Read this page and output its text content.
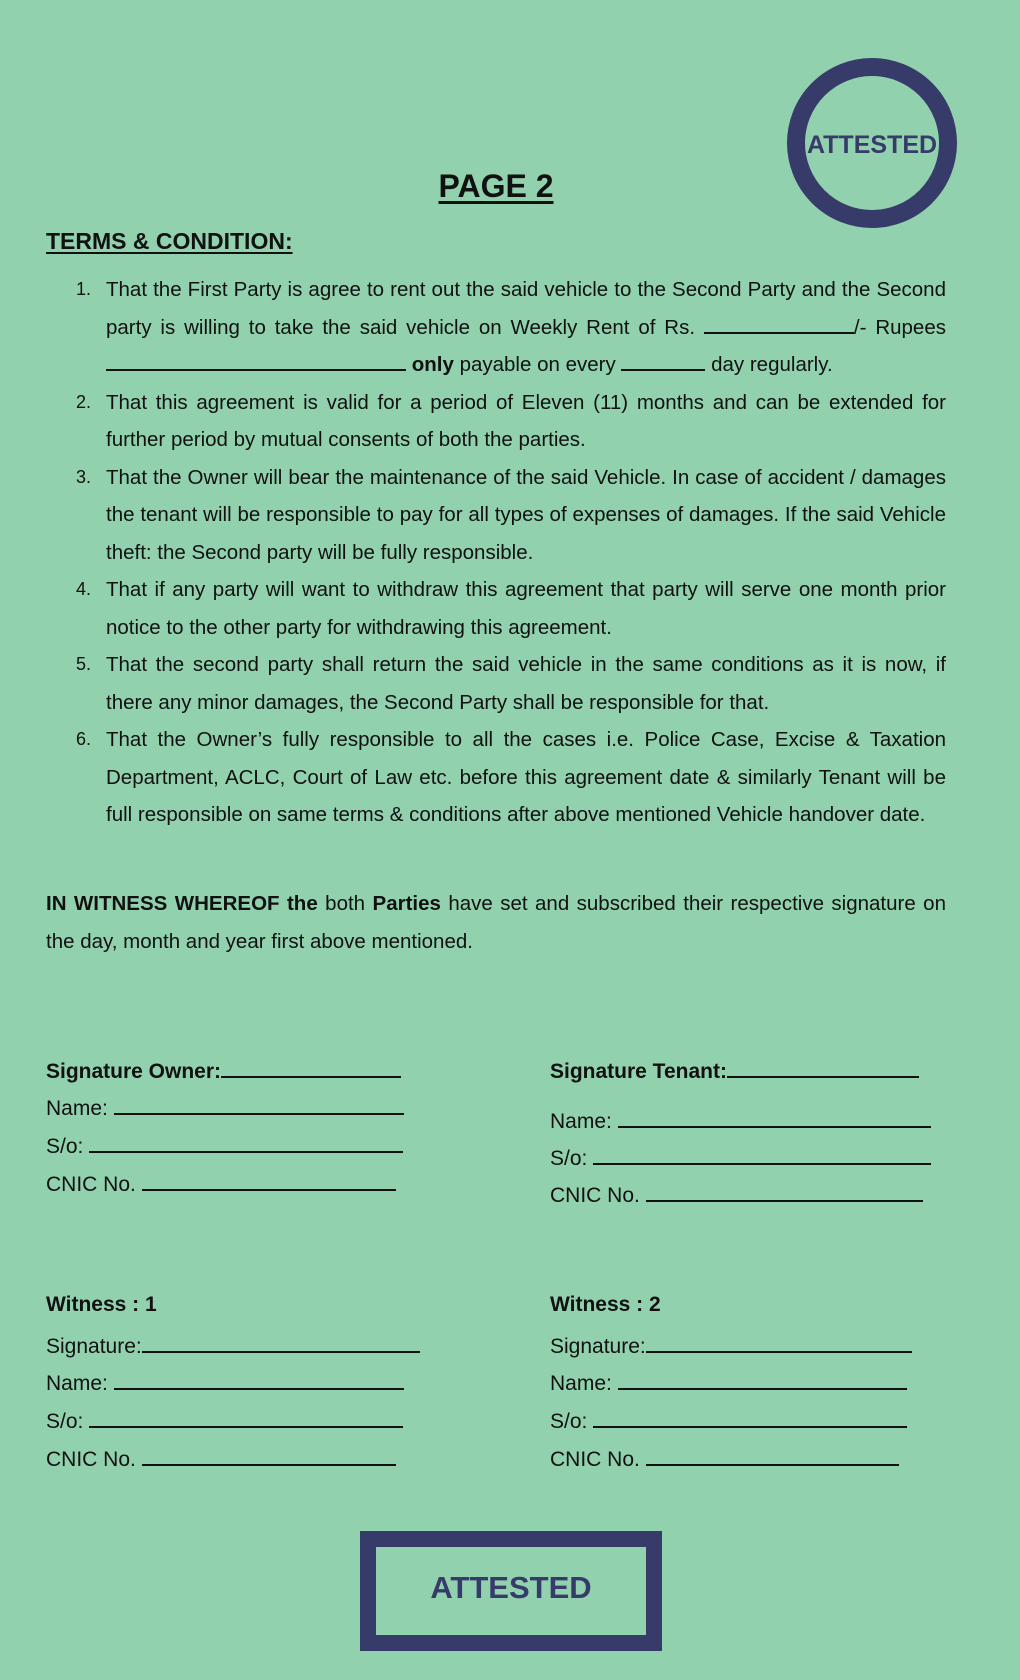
ATTESTED
PAGE 2
TERMS & CONDITION:
1. That the First Party is agree to rent out the said vehicle to the Second Party and the Second party is willing to take the said vehicle on Weekly Rent of Rs.	/- Rupees  only payable on every	day regularly.
2. That this agreement is valid for a period of Eleven (11) months and can be extended for further period by mutual consents of both the parties.
3. That the Owner will bear the maintenance of the said Vehicle. In case of accident / damages the tenant will be responsible to pay for all types of expenses of damages. If the said Vehicle theft: the Second party will be fully responsible.
4. That if any party will want to withdraw this agreement that party will serve one month prior notice to the other party for withdrawing this agreement.
5. That the second party shall return the said vehicle in the same conditions as it is now, if there any minor damages, the Second Party shall be responsible for that.
6. That the Owner’s fully responsible to all the cases i.e. Police Case, Excise & Taxation Department, ACLC, Court of Law etc. before this agreement date & similarly Tenant will be full responsible on same terms & conditions after above mentioned Vehicle handover date.
IN WITNESS WHEREOF the both Parties have set and subscribed their respective signature on the day, month and year first above mentioned.
Signature Owner:
Name:
S/o:
CNIC No.
Signature Tenant:
Name:
S/o:
CNIC No.
Witness : 1
Signature:
Name:
S/o:
CNIC No.
Witness : 2
Signature:
Name:
S/o:
CNIC No.
ATTESTED
